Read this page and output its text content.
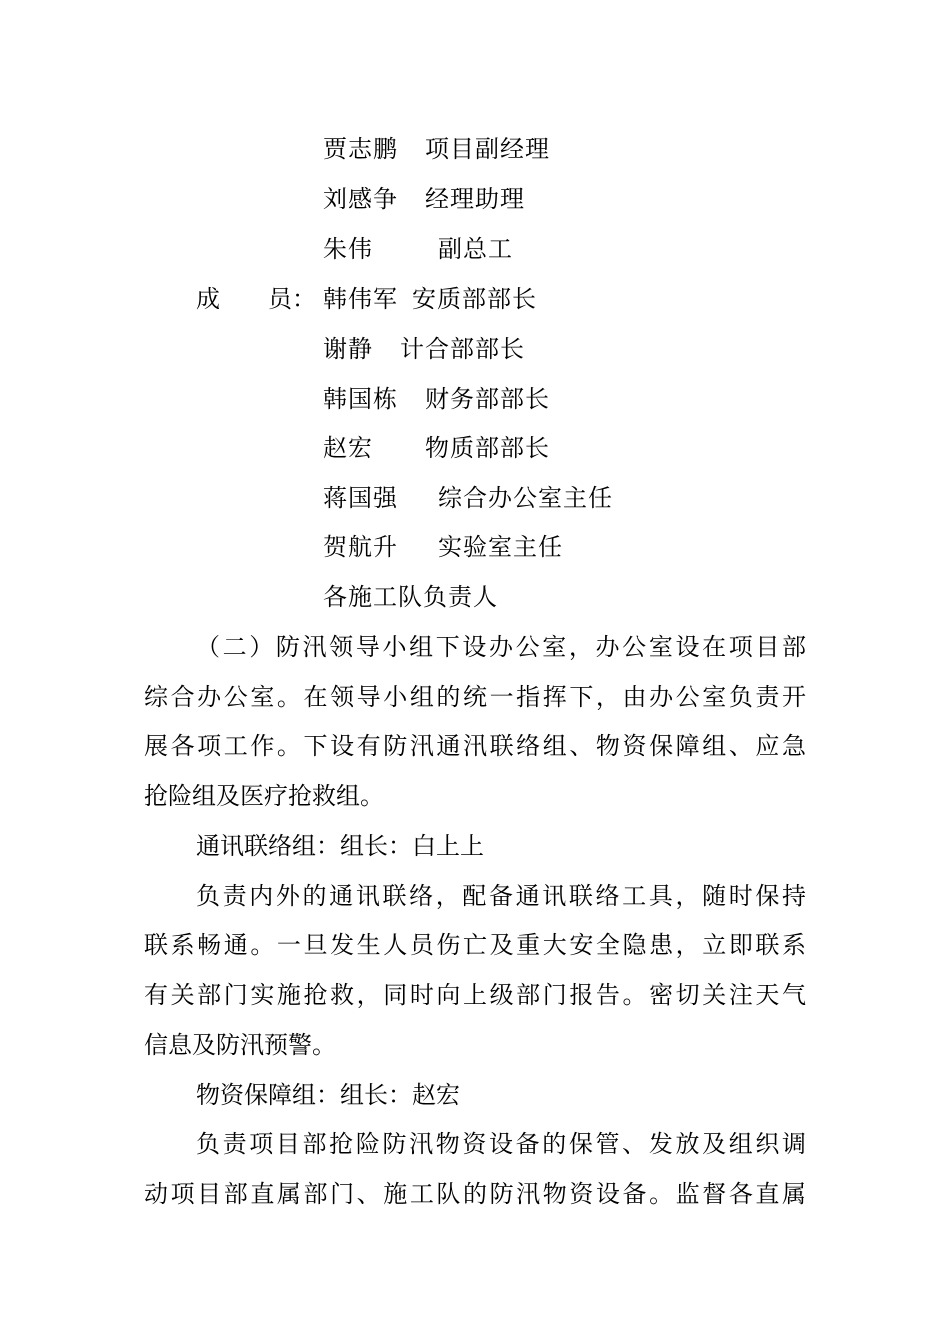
贾志鹏 项目副经理
刘感争 经理助理
朱伟	副总工
成　　员： 韩伟军 安质部部长
谢静 计合部部长
韩国栋 财务部部长
赵宏 物质部部长
蒋国强 综合办公室主任
贺航升 实验室主任
各施工队负责人
（二）防汛领导小组下设办公室，办公室设在项目部
综合办公室。在领导小组的统一指挥下，由办公室负责开
展各项工作。下设有防汛通汛联络组、物资保障组、应急
抢险组及医疗抢救组。
通讯联络组：组长：白上上
负责内外的通讯联络，配备通讯联络工具，随时保持
联系畅通。一旦发生人员伤亡及重大安全隐患，立即联系
有关部门实施抢救，同时向上级部门报告。密切关注天气
信息及防汛预警。
物资保障组：组长：赵宏
负责项目部抢险防汛物资设备的保管、发放及组织调
动项目部直属部门、施工队的防汛物资设备。监督各直属
